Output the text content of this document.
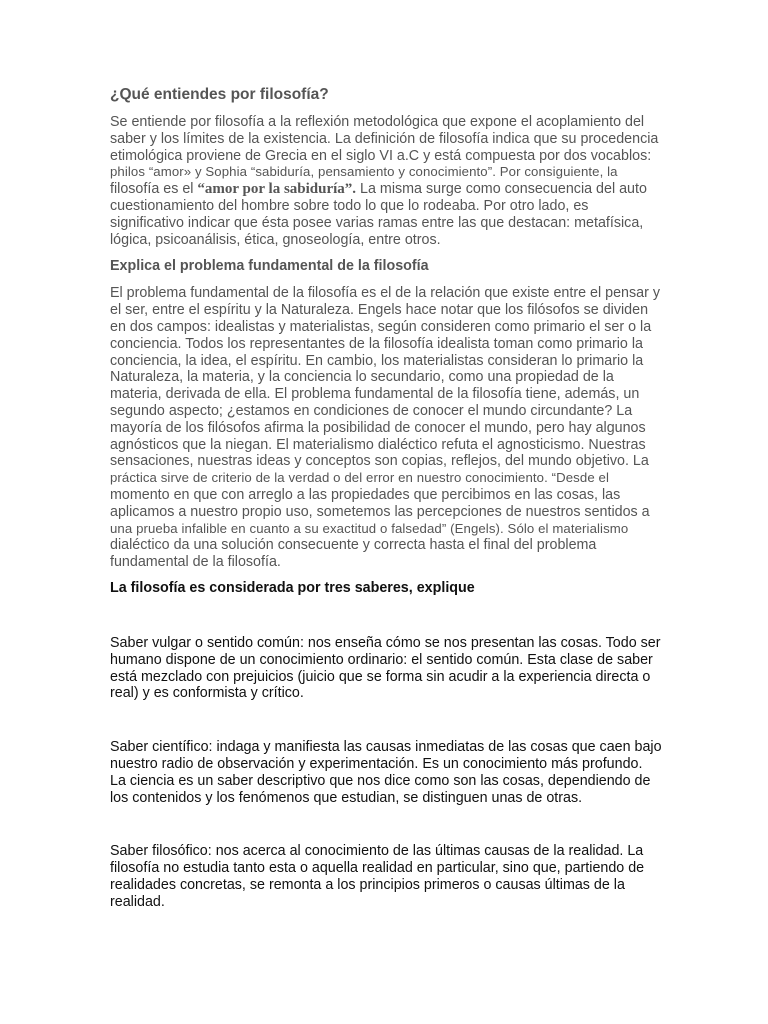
¿Qué entiendes por filosofía?

Se entiende por filosofía a la reflexión metodológica que expone el acoplamiento del saber y los límites de la existencia. La definición de filosofía indica que su procedencia etimológica proviene de Grecia en el siglo VI a.C y está compuesta por dos vocablos: philos “amor» y Sophia “sabiduría, pensamiento y conocimiento”. Por consiguiente, la filosofía es el “amor por la sabiduría”. La misma surge como consecuencia del auto cuestionamiento del hombre sobre todo lo que lo rodeaba. Por otro lado, es significativo indicar que ésta posee varias ramas entre las que destacan: metafísica, lógica, psicoanálisis, ética, gnoseología, entre otros.

Explica el problema fundamental de la filosofía

El problema fundamental de la filosofía es el de la relación que existe entre el pensar y el ser, entre el espíritu y la Naturaleza. Engels hace notar que los filósofos se dividen en dos campos: idealistas y materialistas, según consideren como primario el ser o la conciencia. Todos los representantes de la filosofía idealista toman como primario la conciencia, la idea, el espíritu. En cambio, los materialistas consideran lo primario la Naturaleza, la materia, y la conciencia lo secundario, como una propiedad de la materia, derivada de ella. El problema fundamental de la filosofía tiene, además, un segundo aspecto; ¿estamos en condiciones de conocer el mundo circundante? La mayoría de los filósofos afirma la posibilidad de conocer el mundo, pero hay algunos agnósticos que la niegan. El materialismo dialéctico refuta el agnosticismo. Nuestras sensaciones, nuestras ideas y conceptos son copias, reflejos, del mundo objetivo. La práctica sirve de criterio de la verdad o del error en nuestro conocimiento. “Desde el momento en que con arreglo a las propiedades que percibimos en las cosas, las aplicamos a nuestro propio uso, sometemos las percepciones de nuestros sentidos a una prueba infalible en cuanto a su exactitud o falsedad” (Engels). Sólo el materialismo dialéctico da una solución consecuente y correcta hasta el final del problema fundamental de la filosofía.

La filosofía es considerada por tres saberes, explique

Saber vulgar o sentido común: nos enseña cómo se nos presentan las cosas. Todo ser humano dispone de un conocimiento ordinario: el sentido común. Esta clase de saber está mezclado con prejuicios (juicio que se forma sin acudir a la experiencia directa o real) y es conformista y crítico.

Saber científico: indaga y manifiesta las causas inmediatas de las cosas que caen bajo nuestro radio de observación y experimentación. Es un conocimiento más profundo. La ciencia es un saber descriptivo que nos dice como son las cosas, dependiendo de los contenidos y los fenómenos que estudian, se distinguen unas de otras.

Saber filosófico: nos acerca al conocimiento de las últimas causas de la realidad. La filosofía no estudia tanto esta o aquella realidad en particular, sino que, partiendo de realidades concretas, se remonta a los principios primeros o causas últimas de la realidad.
